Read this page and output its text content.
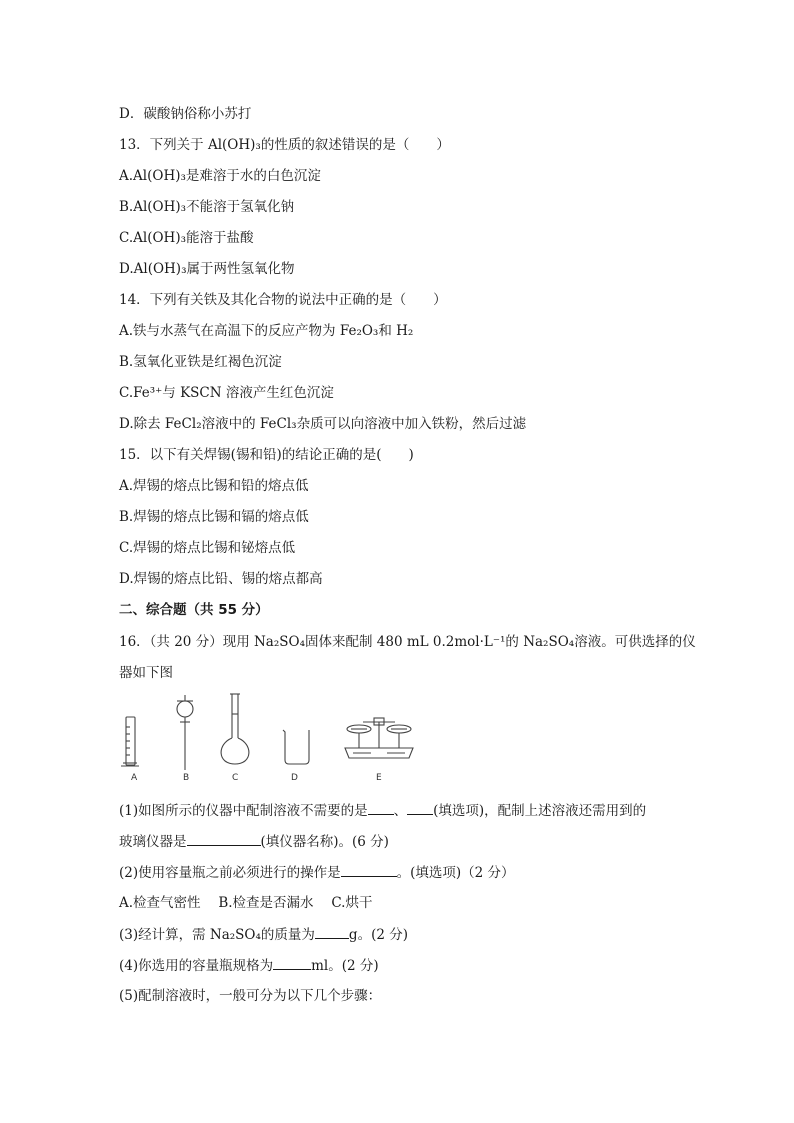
D．碳酸钠俗称小苏打
13．下列关于 Al(OH)₃的性质的叙述错误的是（　　）
A.Al(OH)₃是难溶于水的白色沉淀
B.Al(OH)₃不能溶于氢氧化钠
C.Al(OH)₃能溶于盐酸
D.Al(OH)₃属于两性氢氧化物
14．下列有关铁及其化合物的说法中正确的是（　　）
A.铁与水蒸气在高温下的反应产物为 Fe₂O₃和 H₂
B.氢氧化亚铁是红褐色沉淀
C.Fe³⁺与 KSCN 溶液产生红色沉淀
D.除去 FeCl₂溶液中的 FeCl₃杂质可以向溶液中加入铁粉，然后过滤
15．以下有关焊锡(锡和铅)的结论正确的是(　　)
A.焊锡的熔点比锡和铅的熔点低
B.焊锡的熔点比锡和镉的熔点低
C.焊锡的熔点比锡和铋熔点低
D.焊锡的熔点比铅、锡的熔点都高
二、综合题（共 55 分）
16．（共 20 分）现用 Na₂SO₄固体来配制 480 mL 0.2mol·L⁻¹的 Na₂SO₄溶液。可供选择的仪
器如下图
A	B	C	D	E
(1)如图所示的仪器中配制溶液不需要的是 、 (填选项)，配制上述溶液还需用到的
玻璃仪器是	(填仪器名称)。(6 分)
(2)使用容量瓶之前必须进行的操作是	。(填选项)（2 分）
A.检查气密性　 B.检查是否漏水　 C.烘干
(3)经计算，需 Na₂SO₄的质量为	g。(2 分)
(4)你选用的容量瓶规格为	ml。(2 分)
(5)配制溶液时，一般可分为以下几个步骤：
